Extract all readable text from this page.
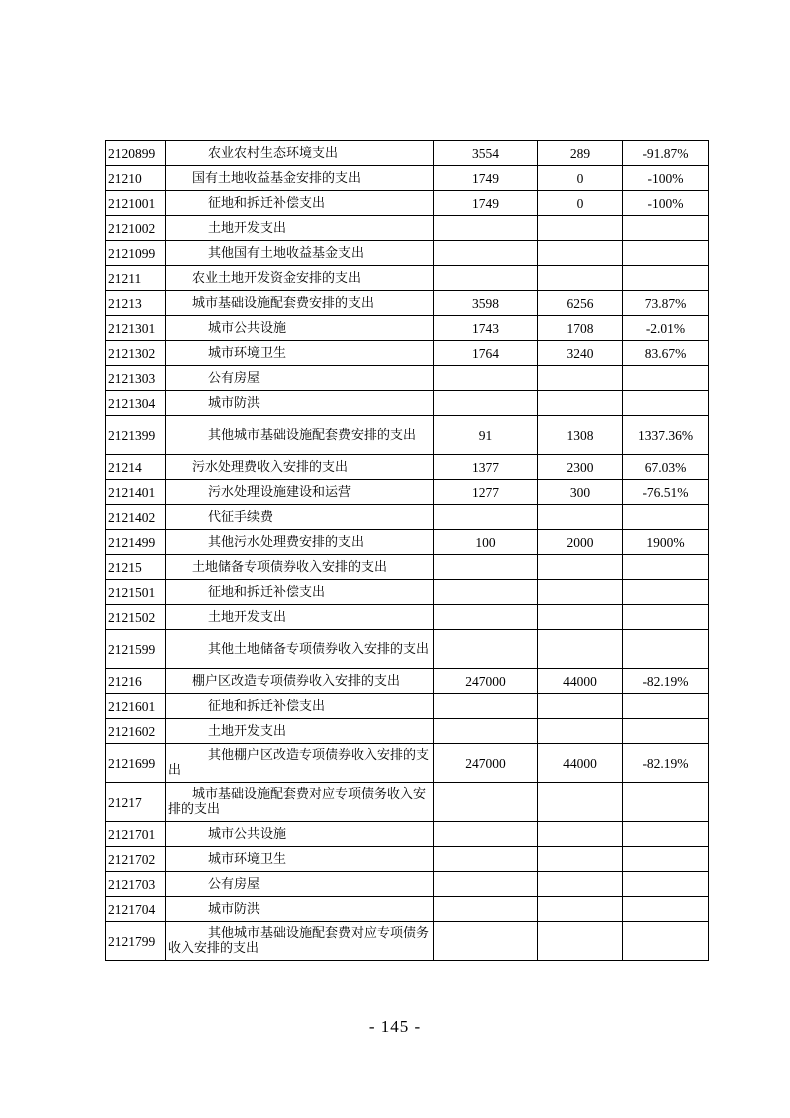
2120899	农业农村生态环境支出	3554	289	-91.87%
21210	国有土地收益基金安排的支出	1749	0	-100%
2121001	征地和拆迁补偿支出	1749	0	-100%
2121002	土地开发支出			
2121099	其他国有土地收益基金支出			
21211	农业土地开发资金安排的支出			
21213	城市基础设施配套费安排的支出	3598	6256	73.87%
2121301	城市公共设施	1743	1708	-2.01%
2121302	城市环境卫生	1764	3240	83.67%
2121303	公有房屋			
2121304	城市防洪			
2121399	其他城市基础设施配套费安排的支出	91	1308	1337.36%
21214	污水处理费收入安排的支出	1377	2300	67.03%
2121401	污水处理设施建设和运营	1277	300	-76.51%
2121402	代征手续费			
2121499	其他污水处理费安排的支出	100	2000	1900%
21215	土地储备专项债券收入安排的支出			
2121501	征地和拆迁补偿支出			
2121502	土地开发支出			
2121599	其他土地储备专项债券收入安排的支出			

21216	棚户区改造专项债券收入安排的支出	247000	44000	-82.19%
2121601	征地和拆迁补偿支出			
2121602	土地开发支出			
2121699	其他棚户区改造专项债券收入安排的支出	247000	44000	-82.19%
21217	城市基础设施配套费对应专项债务收入安排的支出			

2121701	城市公共设施			
2121702	城市环境卫生			
2121703	公有房屋			
2121704	城市防洪			
2121799	其他城市基础设施配套费对应专项债务收入安排的支出			

- 145 -
